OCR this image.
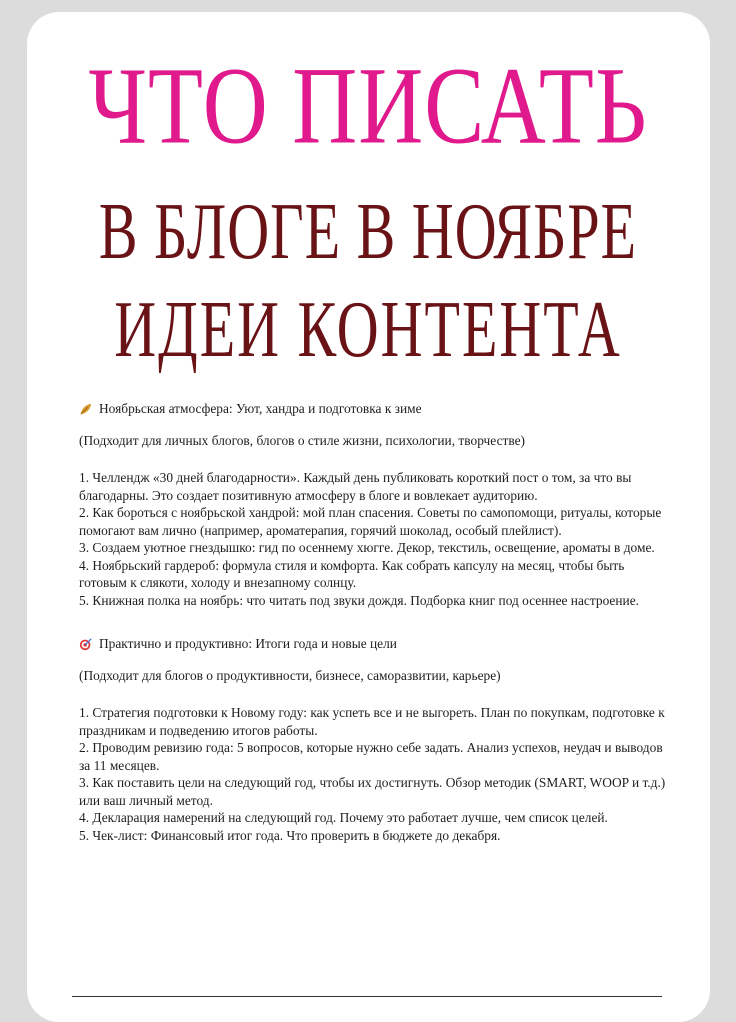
ЧТО ПИСАТЬ
В БЛОГЕ В НОЯБРЕ
ИДЕИ КОНТЕНТА
Ноябрьская атмосфера: Уют, хандра и подготовка к зиме

(Подходит для личных блогов, блогов о стиле жизни, психологии, творчестве)

1. Челлендж «30 дней благодарности». Каждый день публиковать короткий пост о том, за что вы благодарны. Это создает позитивную атмосферу в блоге и вовлекает аудиторию.

2. Как бороться с ноябрьской хандрой: мой план спасения. Советы по самопомощи, ритуалы, которые помогают вам лично (например, ароматерапия, горячий шоколад, особый плейлист).

3. Создаем уютное гнездышко: гид по осеннему хюгге. Декор, текстиль, освещение, ароматы в доме.

4. Ноябрьский гардероб: формула стиля и комфорта. Как собрать капсулу на месяц, чтобы быть готовым к слякоти, холоду и внезапному солнцу.

5. Книжная полка на ноябрь: что читать под звуки дождя. Подборка книг под осеннее настроение.

Практично и продуктивно: Итоги года и новые цели

(Подходит для блогов о продуктивности, бизнесе, саморазвитии, карьере)

1. Стратегия подготовки к Новому году: как успеть все и не выгореть. План по покупкам, подготовке к праздникам и подведению итогов работы.

2. Проводим ревизию года: 5 вопросов, которые нужно себе задать. Анализ успехов, неудач и выводов за 11 месяцев.

3. Как поставить цели на следующий год, чтобы их достигнуть. Обзор методик (SMART, WOOP и т.д.) или ваш личный метод.

4. Декларация намерений на следующий год. Почему это работает лучше, чем список целей.

5. Чек-лист: Финансовый итог года. Что проверить в бюджете до декабря.
